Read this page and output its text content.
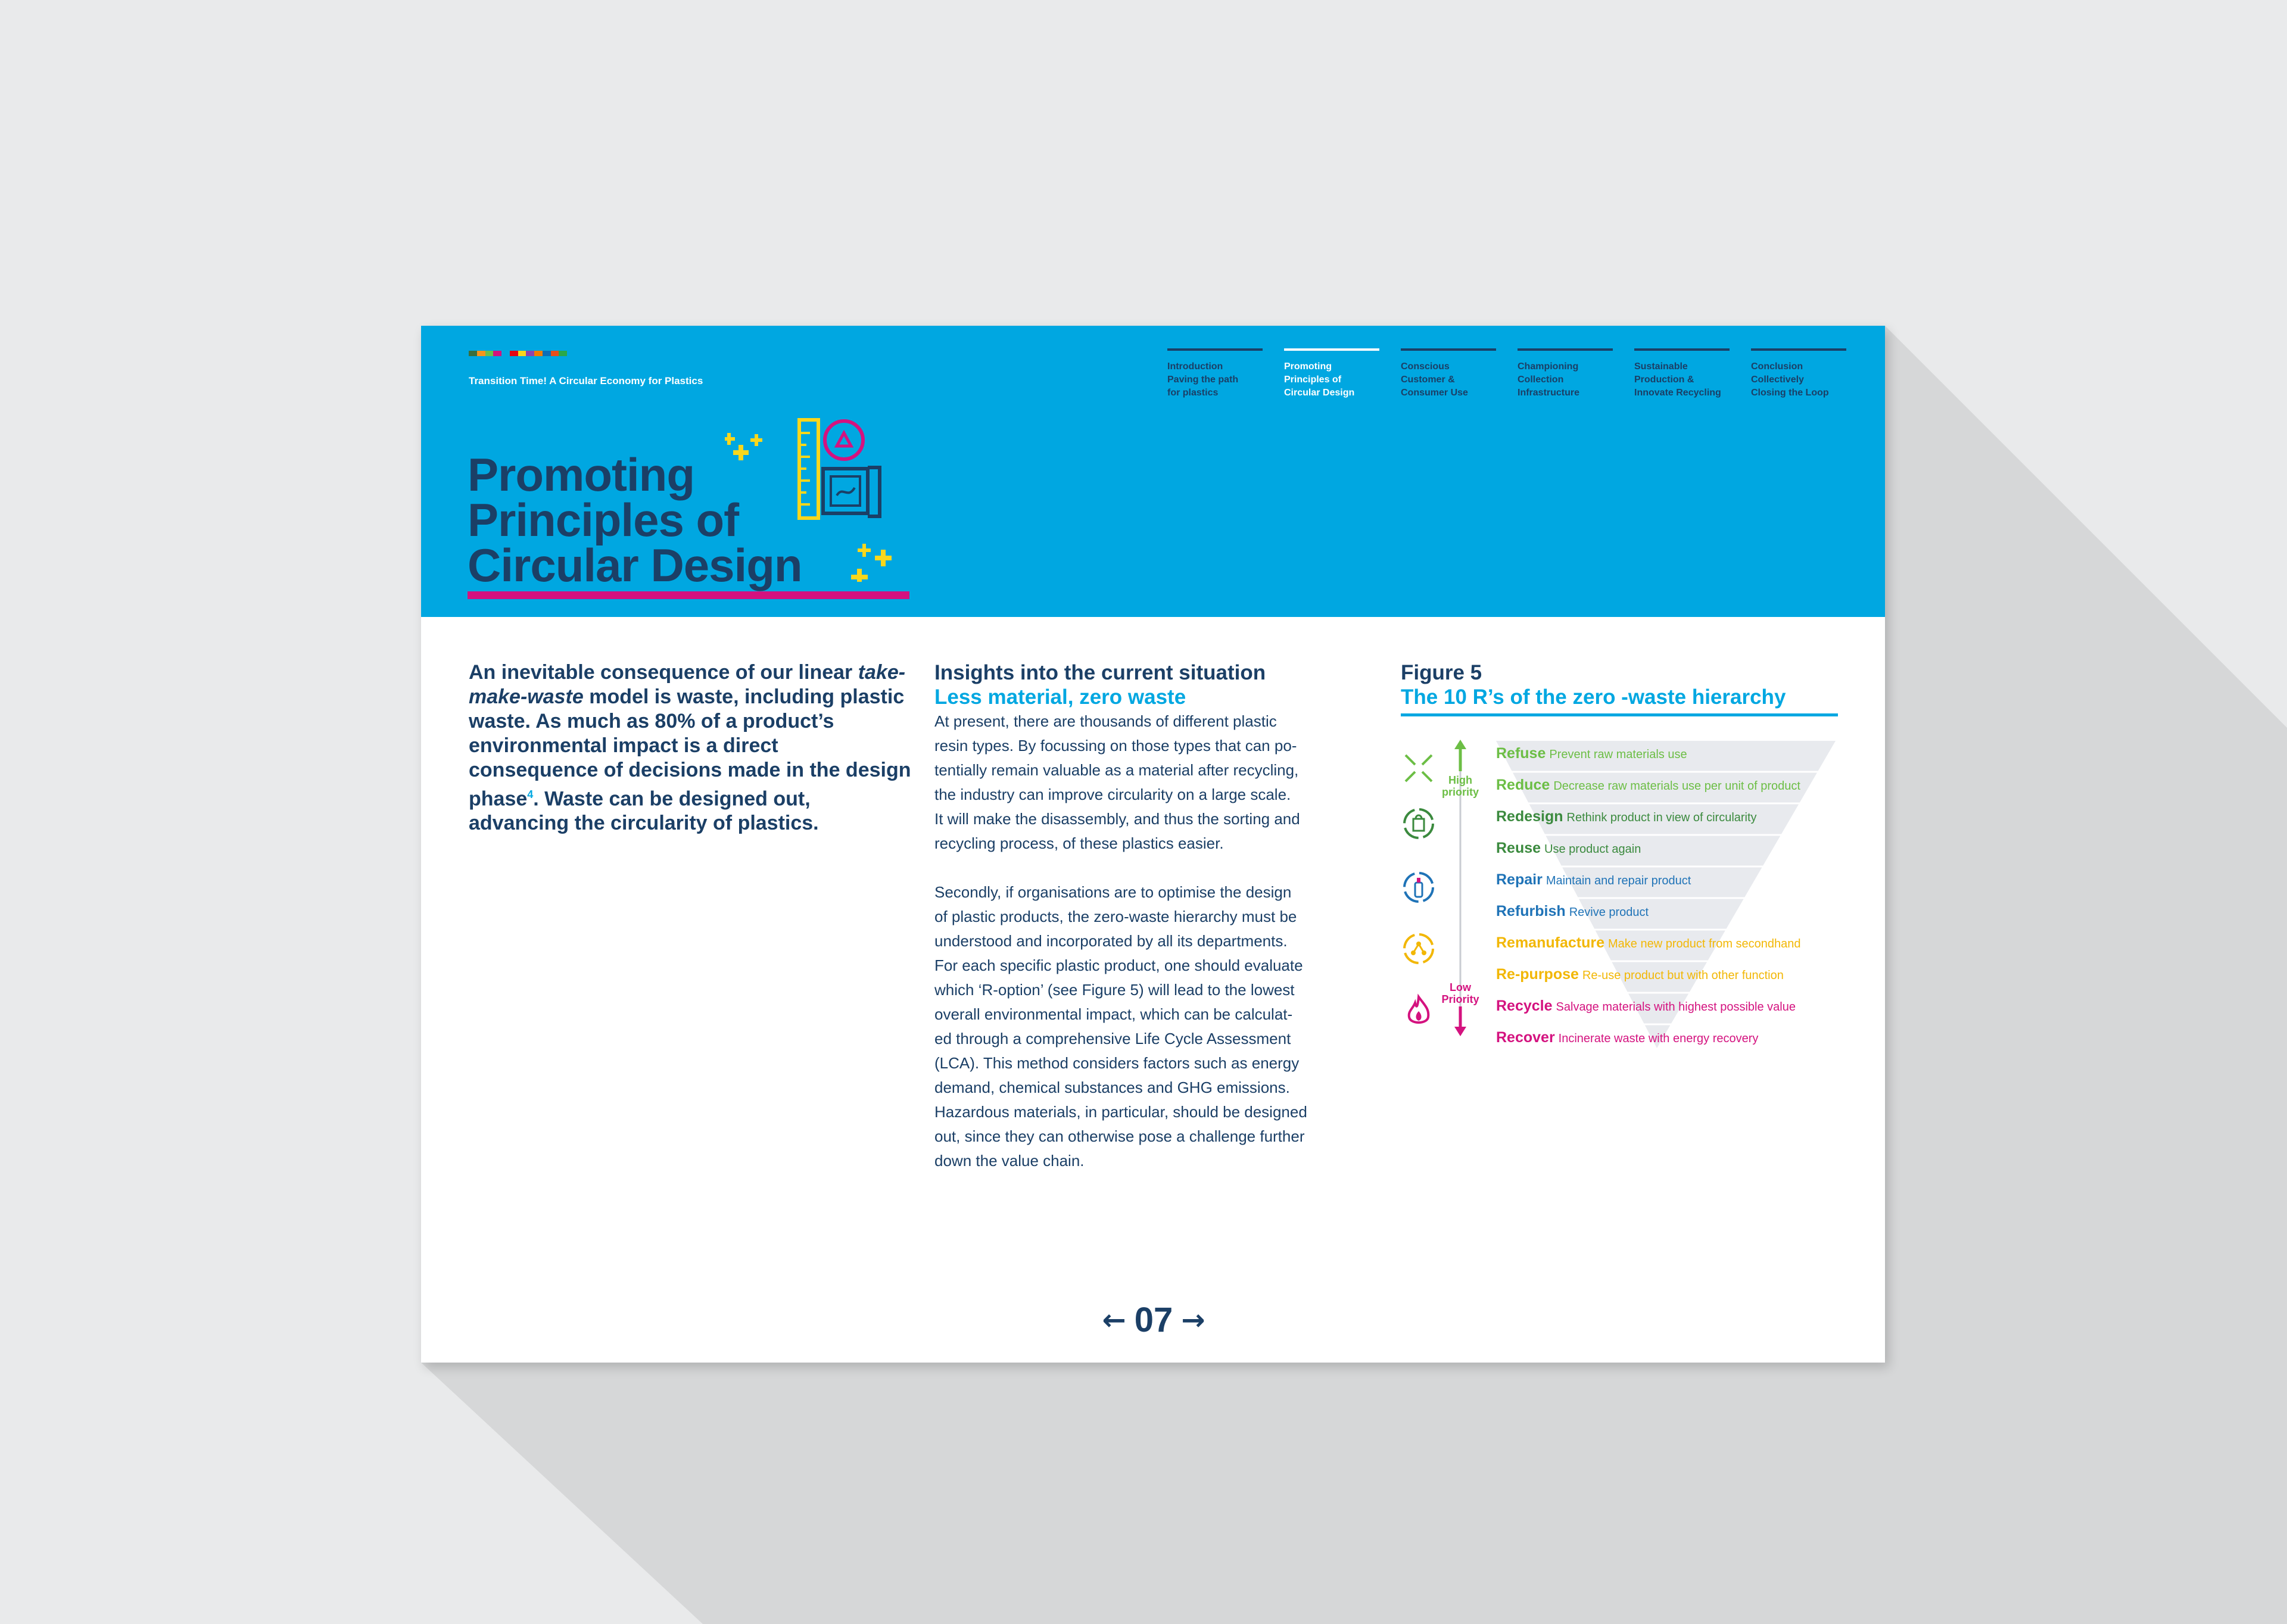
Transition Time! A Circular Economy for Plastics
Introduction
Paving the path
for plastics
Promoting
Principles of
Circular Design
Conscious
Customer &
Consumer Use
Championing
Collection
Infrastructure
Sustainable
Production &
Innovate Recycling
Conclusion
Collectively
Closing the Loop
Promoting
Principles of
Circular Design

An inevitable consequence of our linear take-make-waste model is waste, including plastic waste. As much as 80% of a product’s environmental impact is a direct consequence of decisions made in the design phase$^4$. Waste can be designed out, advancing the circularity of plastics.

Insights into the current situation
Less material, zero waste

At present, there are thousands of different plastic
resin types. By focussing on those types that can po-
tentially remain valuable as a material after recycling,
the industry can improve circularity on a large scale.
It will make the disassembly, and thus the sorting and
recycling process, of these plastics easier.

Secondly, if organisations are to optimise the design
of plastic products, the zero-waste hierarchy must be
understood and incorporated by all its departments.
For each specific plastic product, one should evaluate
which ‘R-option’ (see Figure 5) will lead to the lowest
overall environmental impact, which can be calculat-
ed through a comprehensive Life Cycle Assessment
(LCA). This method considers factors such as energy
demand, chemical substances and GHG emissions.
Hazardous materials, in particular, should be designed
out, since they can otherwise pose a challenge further
down the value chain.

Figure 5
The 10 R’s of the zero -waste hierarchy
High
priority
Low
Priority
Refuse Prevent raw materials use
Reduce Decrease raw materials use per unit of product
Redesign Rethink product in view of circularity
Reuse Use product again
Repair Maintain and repair product
Refurbish Revive product
Remanufacture Make new product from secondhand
Re-purpose Re-use product but with other function
Recycle Salvage materials with highest possible value
Recover Incinerate waste with energy recovery
← 07 →
